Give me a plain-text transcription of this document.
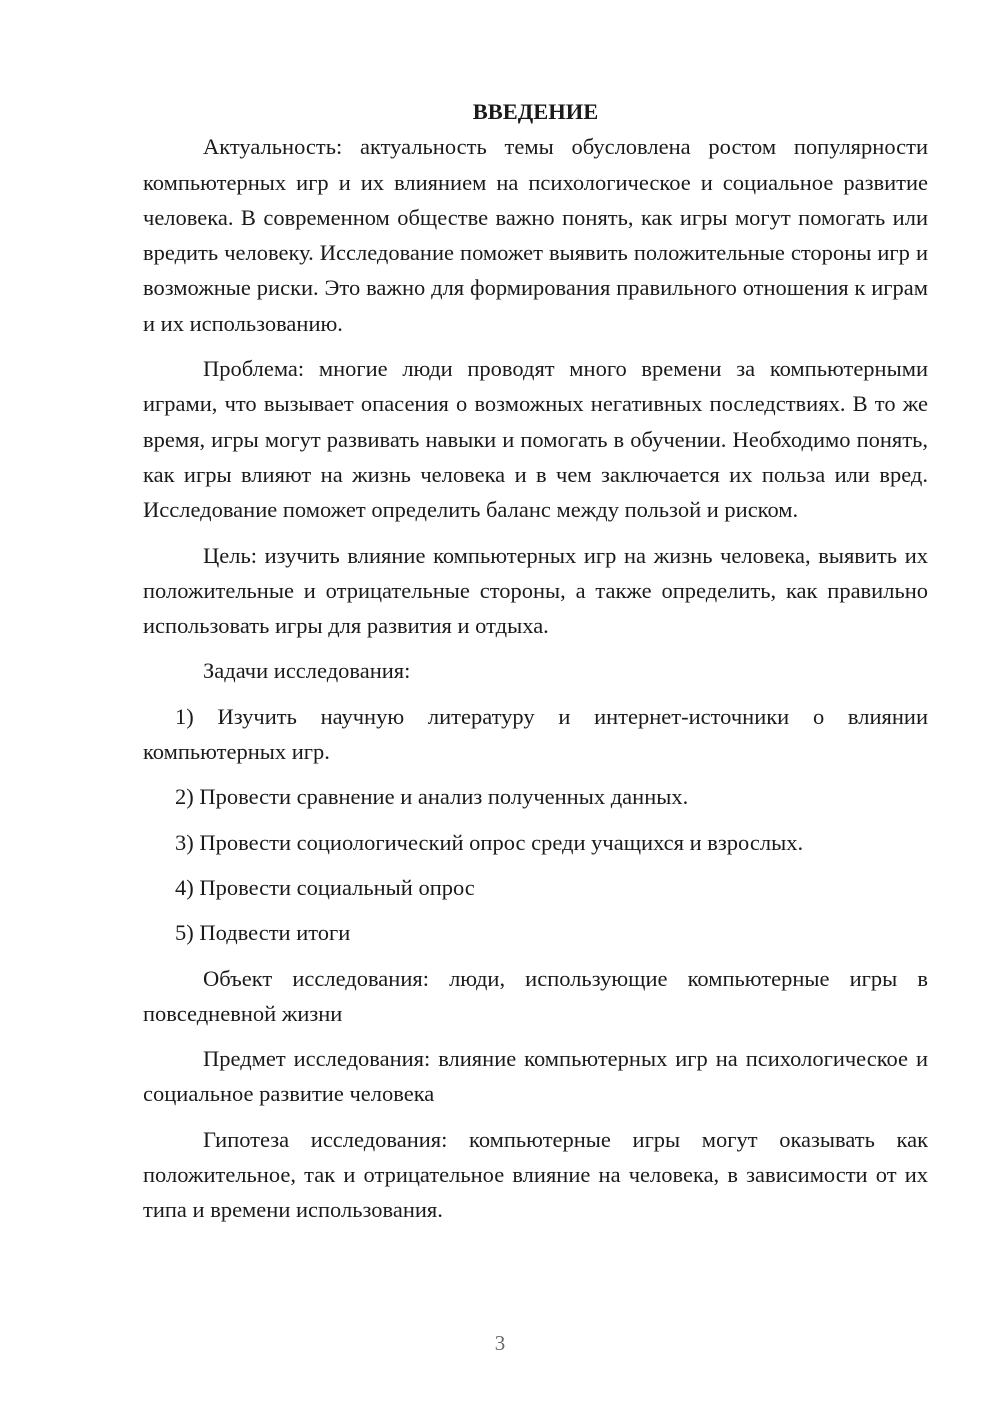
ВВЕДЕНИЕ

Актуальность: актуальность темы обусловлена ростом популярности компьютерных игр и их влиянием на психологическое и социальное развитие человека. В современном обществе важно понять, как игры могут помогать или вредить человеку. Исследование поможет выявить положительные стороны игр и возможные риски. Это важно для формирования правильного отношения к играм и их использованию.

Проблема: многие люди проводят много времени за компьютерными играми, что вызывает опасения о возможных негативных последствиях. В то же время, игры могут развивать навыки и помогать в обучении. Необходимо понять, как игры влияют на жизнь человека и в чем заключается их польза или вред. Исследование поможет определить баланс между пользой и риском.

Цель: изучить влияние компьютерных игр на жизнь человека, выявить их положительные и отрицательные стороны, а также определить, как правильно использовать игры для развития и отдыха.

Задачи исследования:

1) Изучить научную литературу и интернет-источники о влиянии компьютерных игр.

2) Провести сравнение и анализ полученных данных.

3) Провести социологический опрос среди учащихся и взрослых.

4) Провести социальный опрос

5) Подвести итоги

Объект исследования: люди, использующие компьютерные игры в повседневной жизни

Предмет исследования: влияние компьютерных игр на психологическое и социальное развитие человека

Гипотеза исследования: компьютерные игры могут оказывать как положительное, так и отрицательное влияние на человека, в зависимости от их типа и времени использования.

3
